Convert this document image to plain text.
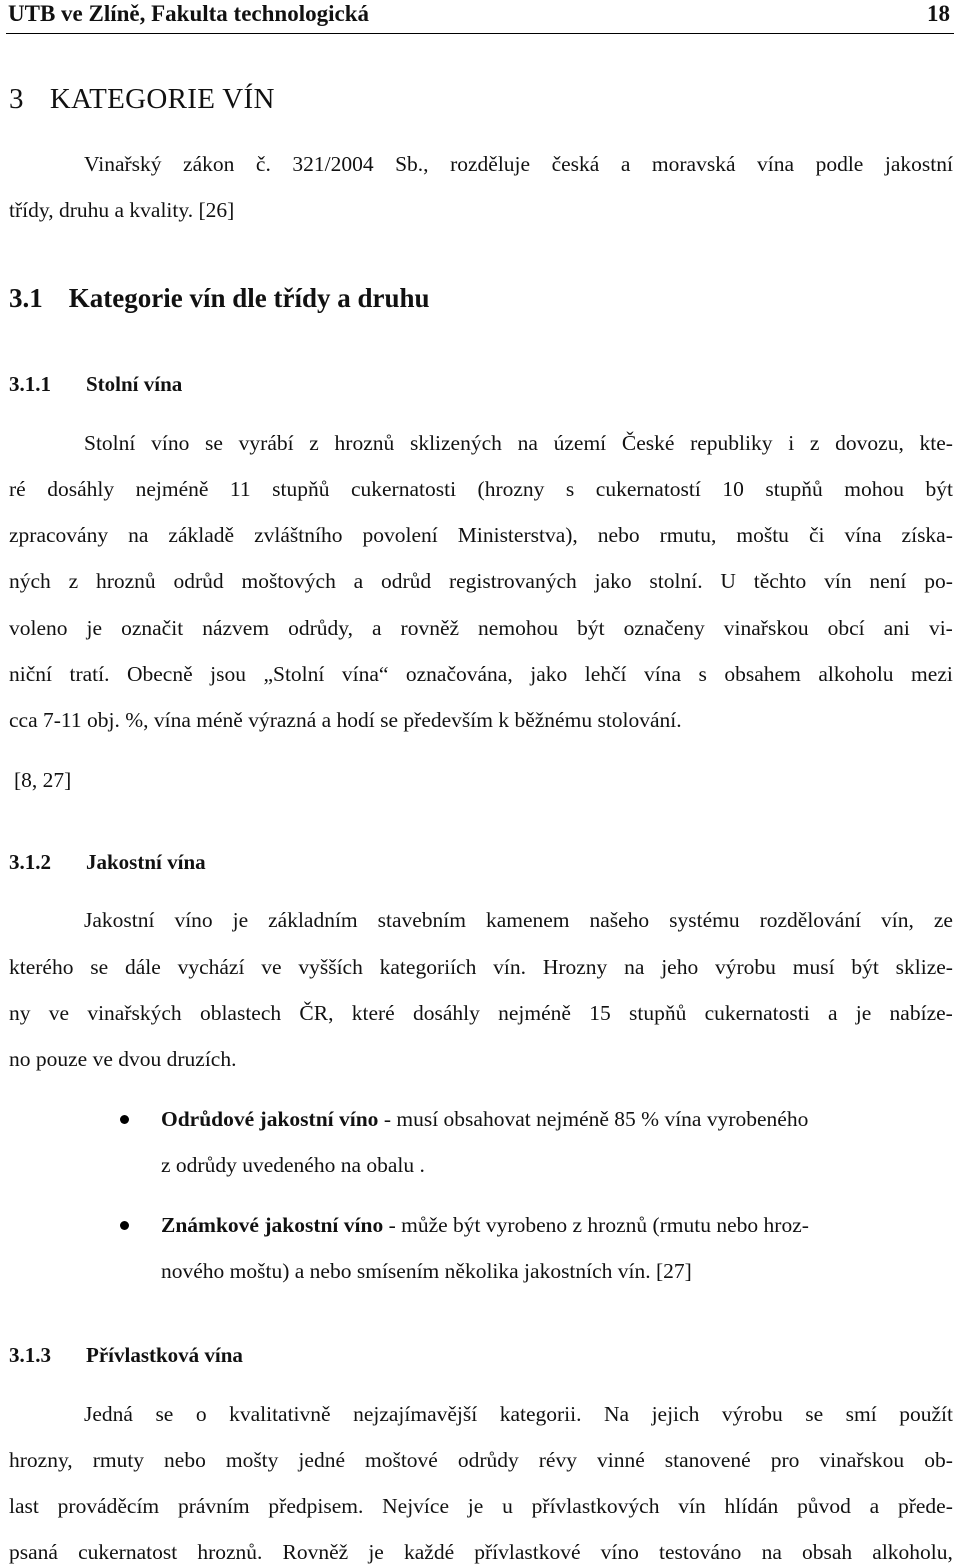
UTB ve Zlíně, Fakulta technologická	18
3 KATEGORIE VÍN
Vinařský zákon č. 321/2004 Sb., rozděluje česká a moravská vína podle jakostní
třídy, druhu a kvality. [26]
3.1 Kategorie vín dle třídy a druhu
3.1.1 Stolní vína
Stolní víno se vyrábí z hroznů sklizených na území České republiky i z dovozu, kte-
ré dosáhly nejméně 11 stupňů cukernatosti (hrozny s cukernatostí 10 stupňů mohou být
zpracovány na základě zvláštního povolení Ministerstva), nebo rmutu, moštu či vína získa-
ných z hroznů odrůd moštových a odrůd registrovaných jako stolní. U těchto vín není po-
voleno je označit názvem odrůdy, a rovněž nemohou být označeny vinařskou obcí ani vi-
niční tratí. Obecně jsou „Stolní vína“ označována, jako lehčí vína s obsahem alkoholu mezi
cca 7-11 obj. %, vína méně výrazná a hodí se především k běžnému stolování.
[8, 27]
3.1.2 Jakostní vína
Jakostní víno je základním stavebním kamenem našeho systému rozdělování vín, ze
kterého se dále vychází ve vyšších kategoriích vín. Hrozny na jeho výrobu musí být sklize-
ny ve vinařských oblastech ČR, které dosáhly nejméně 15 stupňů cukernatosti a je nabíze-
no pouze ve dvou druzích.
Odrůdové jakostní víno - musí obsahovat nejméně 85 % vína vyrobeného
z odrůdy uvedeného na obalu .
Známkové jakostní víno - může být vyrobeno z hroznů (rmutu nebo hroz-
nového moštu) a nebo smísením několika jakostních vín. [27]
3.1.3 Přívlastková vína
Jedná se o kvalitativně nejzajímavější kategorii. Na jejich výrobu se smí použít
hrozny, rmuty nebo mošty jedné moštové odrůdy révy vinné stanovené pro vinařskou ob-
last prováděcím právním předpisem. Nejvíce je u přívlastkových vín hlídán původ a přede-
psaná cukernatost hroznů. Rovněž je každé přívlastkové víno testováno na obsah alkoholu,
